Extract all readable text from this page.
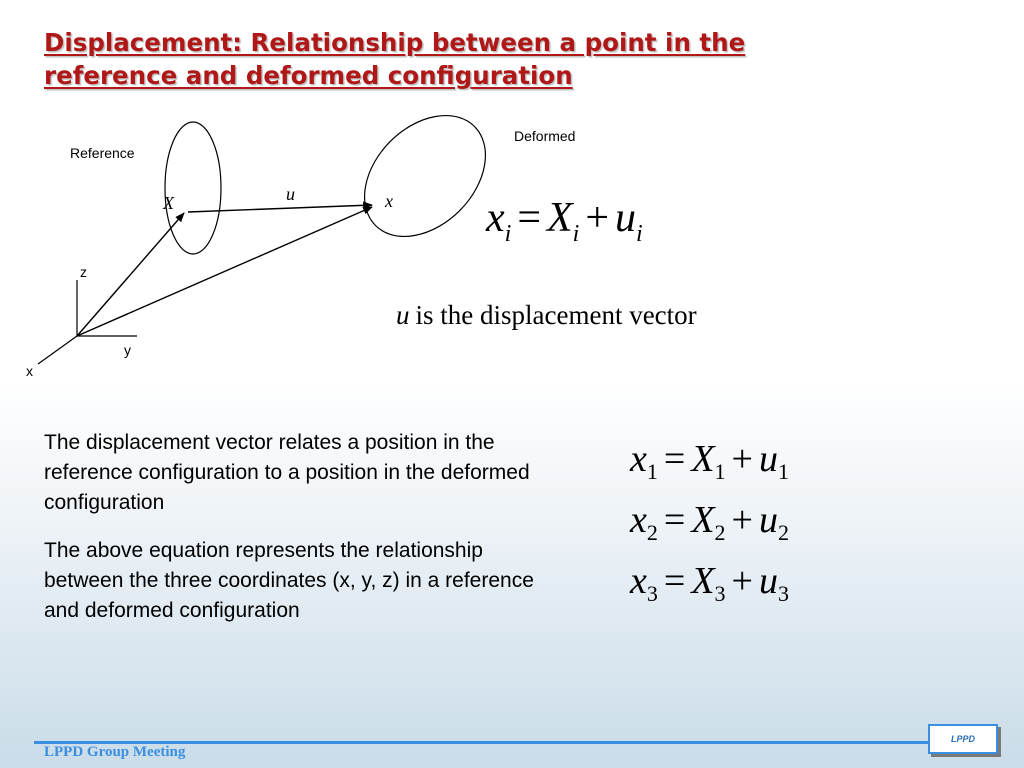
Displacement: Relationship between a point in the
reference and deformed configuration
Reference
Deformed
X	x
u
z
y
x
$x_i = X_i + u_i$
u is the displacement vector

The displacement vector relates a position in the reference configuration to a position in the deformed configuration

The above equation represents the relationship between the three coordinates (x, y, z) in a reference and deformed configuration

$x_1 = X_1 + u_1$
$x_2 = X_2 + u_2$
$x_3 = X_3 + u_3$
LPPD Group Meeting
LPPD
